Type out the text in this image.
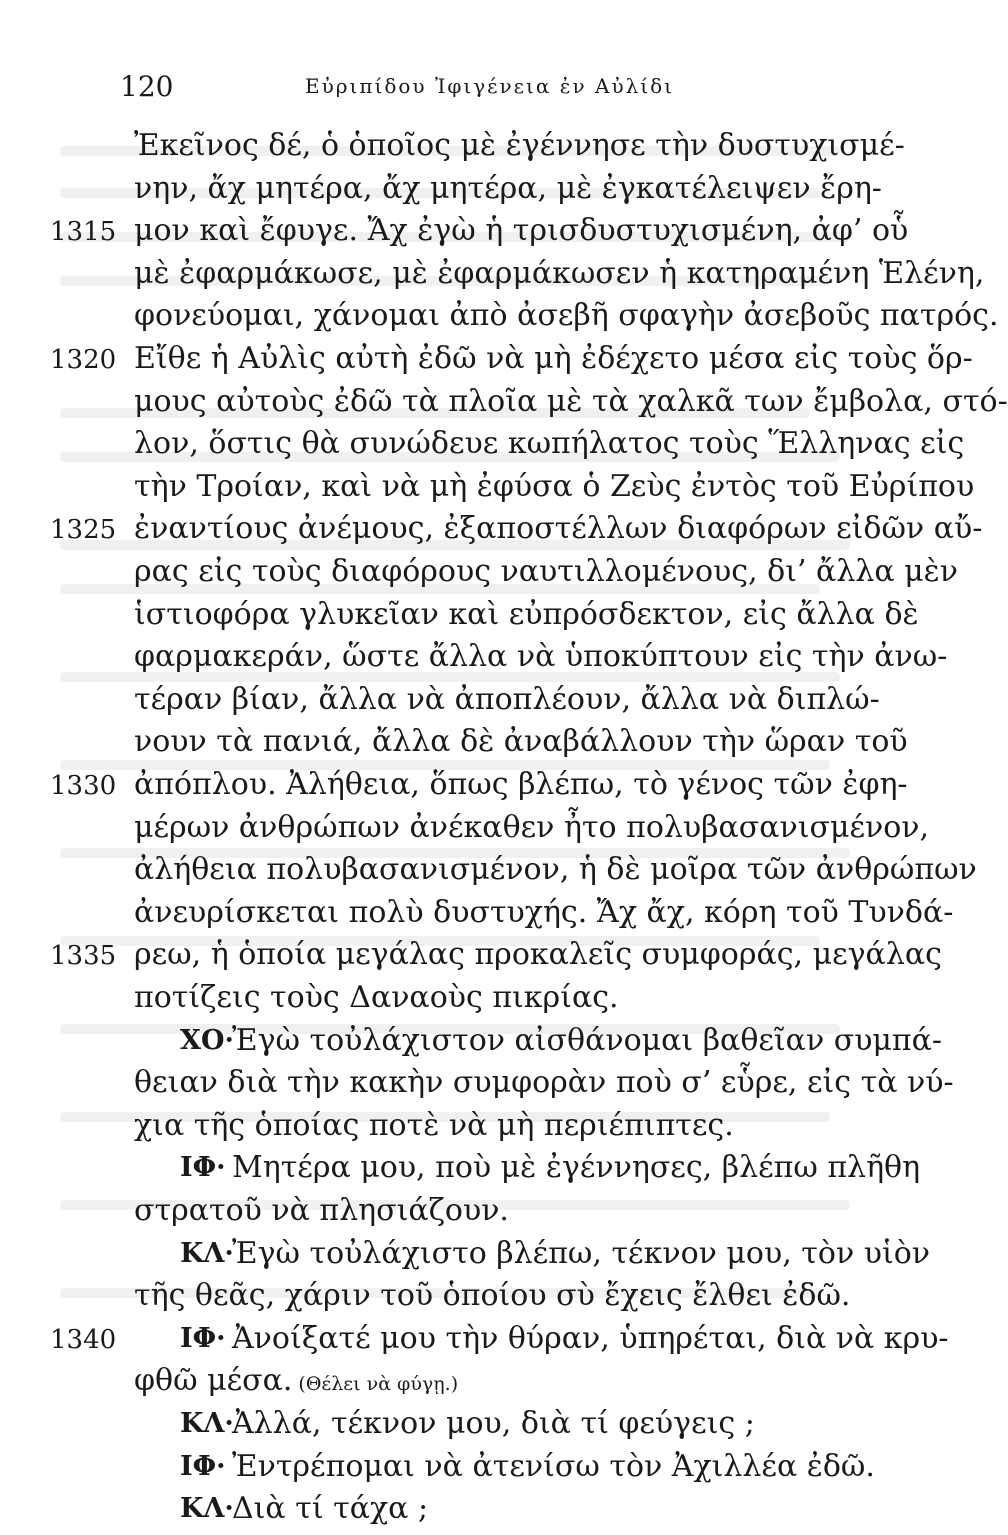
120	Εὐριπίδου Ἰφιγένεια ἐν Αὐλίδι
Ἐκεῖνος δέ, ὁ ὁποῖος μὲ ἐγέννησε τὴν δυστυχισμέ-
νην, ἄχ μητέρα, ἄχ μητέρα, μὲ ἐγκατέλειψεν ἔρη-
1315 μον καὶ ἔφυγε. Ἄχ ἐγὼ ἡ τρισδυστυχισμένη, ἀφ’ οὗ
μὲ ἐφαρμάκωσε, μὲ ἐφαρμάκωσεν ἡ κατηραμένη Ἑλένη,
φονεύομαι, χάνομαι ἀπὸ ἀσεβῆ σφαγὴν ἀσεβοῦς πατρός.
1320 Εἴθε ἡ Αὐλὶς αὐτὴ ἐδῶ νὰ μὴ ἐδέχετο μέσα εἰς τοὺς ὅρ-
μους αὐτοὺς ἐδῶ τὰ πλοῖα μὲ τὰ χαλκᾶ των ἔμβολα, στό-
λον, ὅστις θὰ συνώδευε κωπήλατος τοὺς Ἕλληνας εἰς
τὴν Τροίαν, καὶ νὰ μὴ ἐφύσα ὁ Ζεὺς ἐντὸς τοῦ Εὐρίπου
1325 ἐναντίους ἀνέμους, ἐξαποστέλλων διαφόρων εἰδῶν αὔ-
ρας εἰς τοὺς διαφόρους ναυτιλλομένους, δι’ ἄλλα μὲν
ἱστιοφόρα γλυκεῖαν καὶ εὐπρόσδεκτον, εἰς ἄλλα δὲ
φαρμακεράν, ὥστε ἄλλα νὰ ὑποκύπτουν εἰς τὴν ἀνω-
τέραν βίαν, ἄλλα νὰ ἀποπλέουν, ἄλλα νὰ διπλώ-
νουν τὰ πανιά, ἄλλα δὲ ἀναβάλλουν τὴν ὥραν τοῦ
1330 ἀπόπλου. Ἀλήθεια, ὅπως βλέπω, τὸ γένος τῶν ἐφη-
μέρων ἀνθρώπων ἀνέκαθεν ἦτο πολυβασανισμένον,
ἀλήθεια πολυβασανισμένον, ἡ δὲ μοῖρα τῶν ἀνθρώπων
ἀνευρίσκεται πολὺ δυστυχής. Ἄχ ἄχ, κόρη τοῦ Τυνδά-
1335 ρεω, ἡ ὁποία μεγάλας προκαλεῖς συμφοράς, μεγάλας
ποτίζεις τοὺς Δαναοὺς πικρίας.
ΧΟ·
Ἐγὼ τοὐλάχιστον αἰσθάνομαι βαθεῖαν συμπά-
θειαν διὰ τὴν κακὴν συμφορὰν ποὺ σ’ εὗρε, εἰς τὰ νύ-
χια τῆς ὁποίας ποτὲ νὰ μὴ περιέπιπτες.
ΙΦ· Μητέρα μου, ποὺ μὲ ἐγέννησες, βλέπω πλῆθη
στρατοῦ νὰ πλησιάζουν.
ΚΛ·
Ἐγὼ τοὐλάχιστο βλέπω, τέκνον μου, τὸν υἱὸν
τῆς θεᾶς, χάριν τοῦ ὁποίου σὺ ἔχεις ἔλθει ἐδῶ.
1340 ΙΦ· Ἀνοίξατέ μου τὴν θύραν, ὑπηρέται, διὰ νὰ κρυ-
φθῶ μέσα. (Θέλει νὰ φύγῃ.)
ΚΛ·
Ἀλλά, τέκνον μου, διὰ τί φεύγεις ;
ΙΦ· Ἐντρέπομαι νὰ ἀτενίσω τὸν Ἀχιλλέα ἐδῶ.
ΚΛ·
Διὰ τί τάχα ;
